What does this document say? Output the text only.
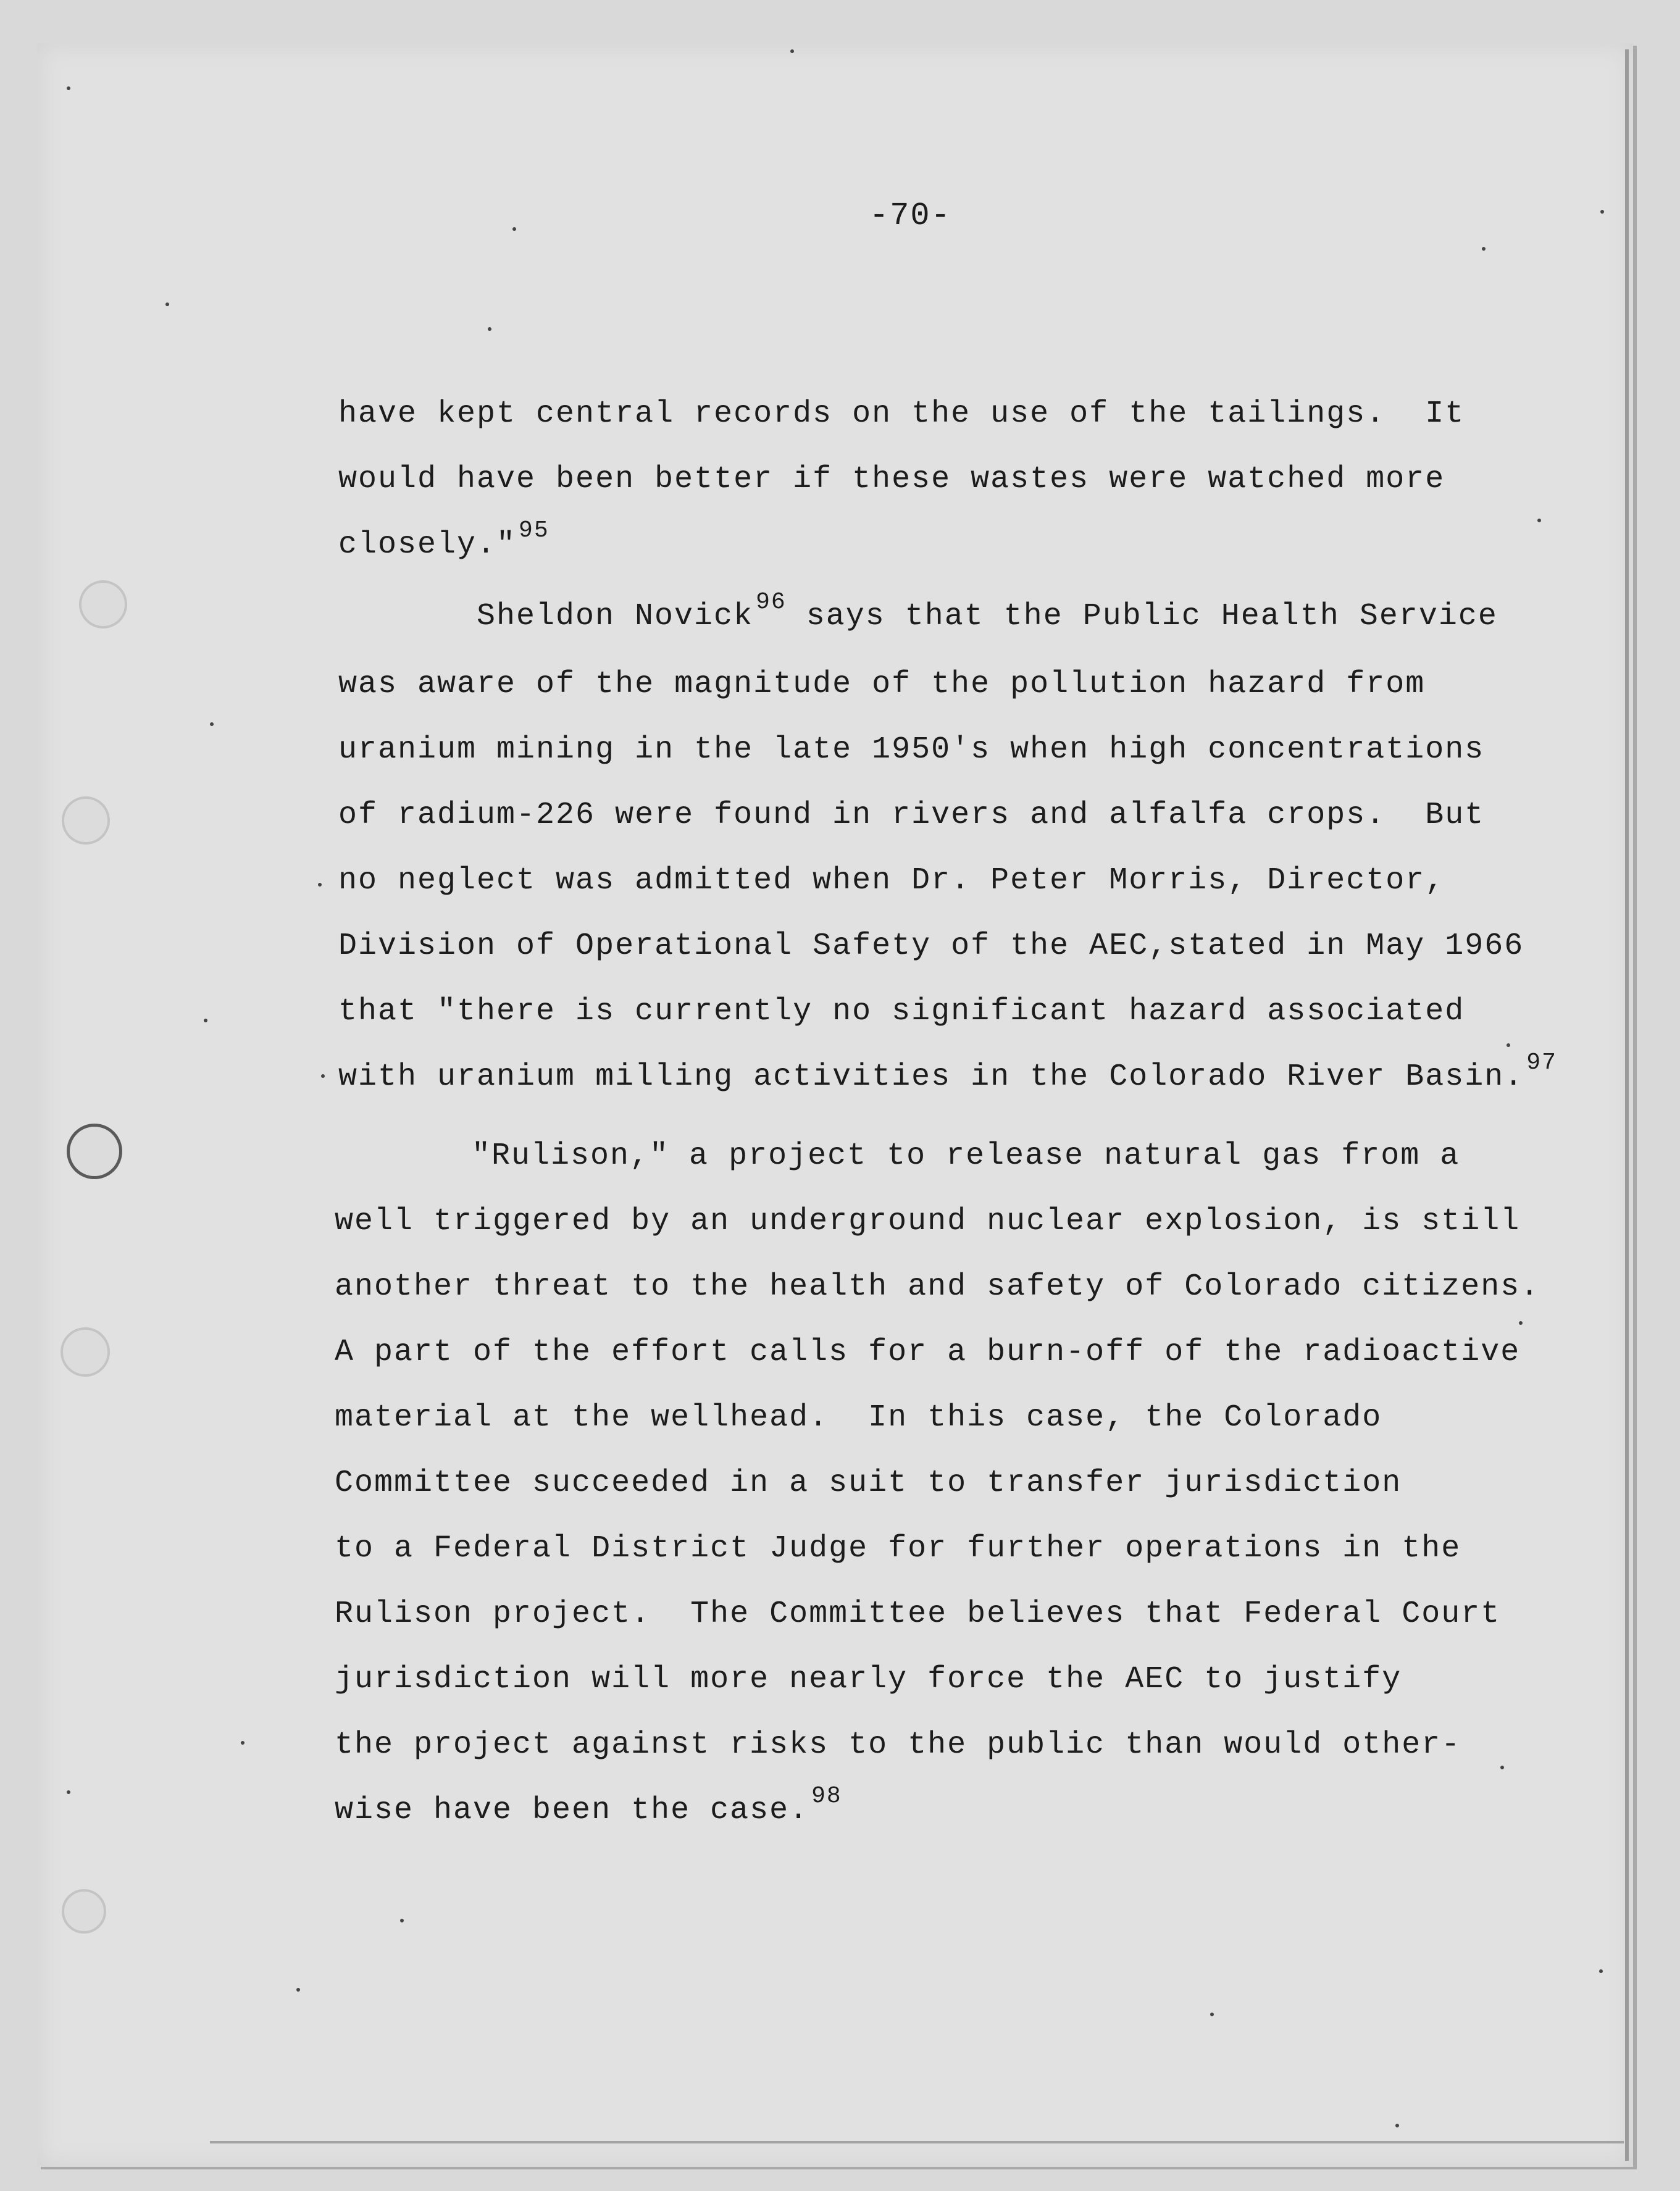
-70-

have kept central records on the use of the tailings.  It

would have been better if these wastes were watched more

closely." $^{95}$

Sheldon Novick $^{96}$ says that the Public Health Service

was aware of the magnitude of the pollution hazard from

uranium mining in the late 1950's when high concentrations

of radium-226 were found in rivers and alfalfa crops.  But

no neglect was admitted when Dr. Peter Morris, Director,

Division of Operational Safety of the AEC,stated in May 1966

that "there is currently no significant hazard associated

with uranium milling activities in the Colorado River Basin. $^{97}$

"Rulison," a project to release natural gas from a

well triggered by an underground nuclear explosion, is still

another threat to the health and safety of Colorado citizens.

A part of the effort calls for a burn-off of the radioactive

material at the wellhead.  In this case, the Colorado

Committee succeeded in a suit to transfer jurisdiction

to a Federal District Judge for further operations in the

Rulison project.  The Committee believes that Federal Court

jurisdiction will more nearly force the AEC to justify

the project against risks to the public than would other-

wise have been the case. $^{98}$
